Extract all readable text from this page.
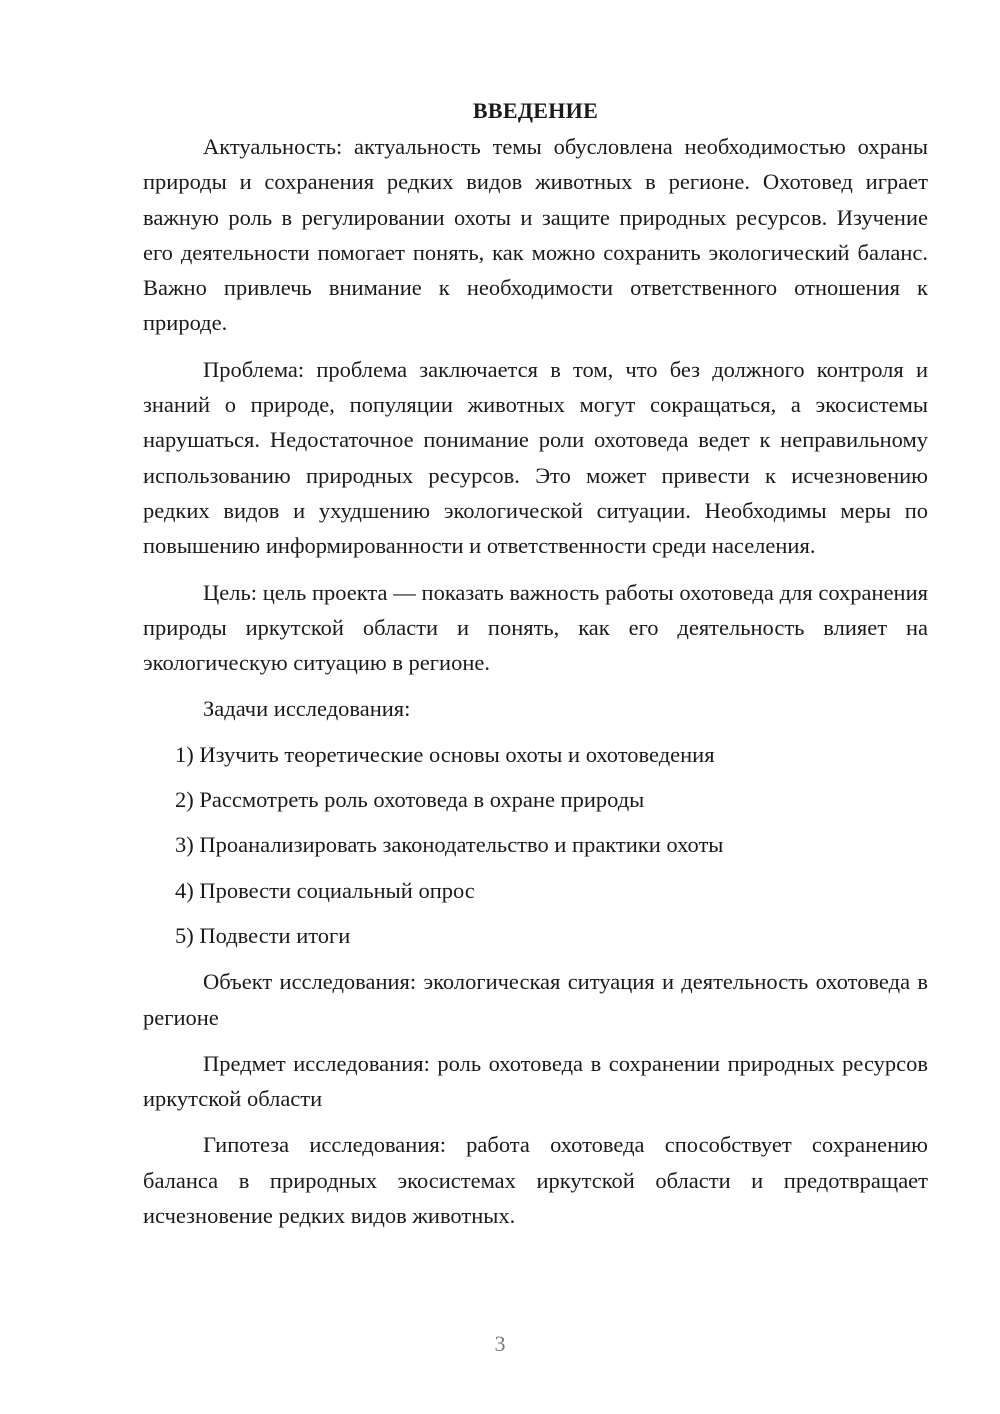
ВВЕДЕНИЕ

Актуальность: актуальность темы обусловлена необходимостью охраны природы и сохранения редких видов животных в регионе. Охотовед играет важную роль в регулировании охоты и защите природных ресурсов. Изучение его деятельности помогает понять, как можно сохранить экологический баланс. Важно привлечь внимание к необходимости ответственного отношения к природе.

Проблема: проблема заключается в том, что без должного контроля и знаний о природе, популяции животных могут сокращаться, а экосистемы нарушаться. Недостаточное понимание роли охотоведа ведет к неправильному использованию природных ресурсов. Это может привести к исчезновению редких видов и ухудшению экологической ситуации. Необходимы меры по повышению информированности и ответственности среди населения.

Цель: цель проекта — показать важность работы охотоведа для сохранения природы иркутской области и понять, как его деятельность влияет на экологическую ситуацию в регионе.

Задачи исследования:

1) Изучить теоретические основы охоты и охотоведения

2) Рассмотреть роль охотоведа в охране природы

3) Проанализировать законодательство и практики охоты

4) Провести социальный опрос

5) Подвести итоги

Объект исследования: экологическая ситуация и деятельность охотоведа в регионе

Предмет исследования: роль охотоведа в сохранении природных ресурсов иркутской области

Гипотеза исследования: работа охотоведа способствует сохранению баланса в природных экосистемах иркутской области и предотвращает исчезновение редких видов животных.

3
